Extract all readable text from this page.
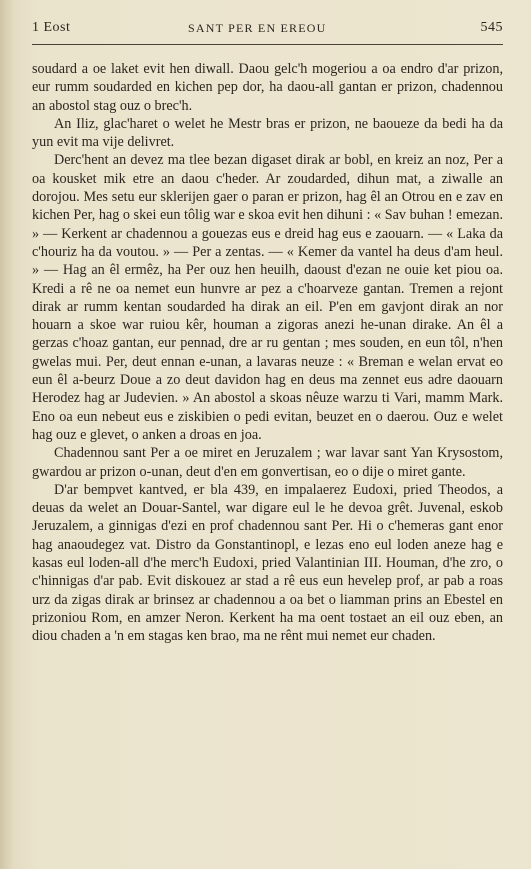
1 Eost	SANT PER EN EREOU	545

soudard a oe laket evit hen diwall. Daou gelc'h mogeriou a oa endro d'ar prizon, eur rumm soudarded en kichen pep dor, ha daou-all gantan er prizon, chadennou an abostol stag ouz o brec'h.

An Iliz, glac'haret o welet he Mestr bras er prizon, ne baoueze da bedi ha da yun evit ma vije delivret.

Derc'hent an devez ma tlee bezan digaset dirak ar bobl, en kreiz an noz, Per a oa kousket mik etre an daou c'heder. Ar zoudarded, dihun mat, a ziwalle an dorojou. Mes setu eur sklerijen gaer o paran er prizon, hag êl an Otrou en e zav en kichen Per, hag o skei eun tôlig war e skoa evit hen dihuni : « Sav buhan ! emezan. » — Kerkent ar chadennou a gouezas eus e dreid hag eus e zaouarn. — « Laka da c'houriz ha da voutou. » — Per a zentas. — « Kemer da vantel ha deus d'am heul. » — Hag an êl ermêz, ha Per ouz hen heuilh, daoust d'ezan ne ouie ket piou oa. Kredi a rê ne oa nemet eun hunvre ar pez a c'hoarveze gantan. Tremen a rejont dirak ar rumm kentan soudarded ha dirak an eil. P'en em gavjont dirak an nor houarn a skoe war ruiou kêr, houman a zigoras anezi he-unan dirake. An êl a gerzas c'hoaz gantan, eur pennad, dre ar ru gentan ; mes souden, en eun tôl, n'hen gwelas mui. Per, deut ennan e-unan, a lavaras neuze : « Breman e welan ervat eo eun êl a-beurz Doue a zo deut davidon hag en deus ma zennet eus adre daouarn Herodez hag ar Judevien. » An abostol a skoas nêuze warzu ti Vari, mamm Mark. Eno oa eun nebeut eus e ziskibien o pedi evitan, beuzet en o daerou. Ouz e welet hag ouz e glevet, o anken a droas en joa.

Chadennou sant Per a oe miret en Jeruzalem ; war lavar sant Yan Krysostom, gwardou ar prizon o-unan, deut d'en em gonvertisan, eo o dije o miret gante.

D'ar bempvet kantved, er bla 439, en impalaerez Eudoxi, pried Theodos, a deuas da welet an Douar-Santel, war digare eul le he devoa grêt. Juvenal, eskob Jeruzalem, a ginnigas d'ezi en prof chadennou sant Per. Hi o c'hemeras gant enor hag anaoudegez vat. Distro da Gonstantinopl, e lezas eno eul loden aneze hag e kasas eul loden-all d'he merc'h Eudoxi, pried Valantinian III. Houman, d'he zro, o c'hinnigas d'ar pab. Evit diskouez ar stad a rê eus eun hevelep prof, ar pab a roas urz da zigas dirak ar brinsez ar chadennou a oa bet o liamman prins an Ebestel en prizoniou Rom, en amzer Neron. Kerkent ha ma oent tostaet an eil ouz eben, an diou chaden a 'n em stagas ken brao, ma ne rênt mui nemet eur chaden.
